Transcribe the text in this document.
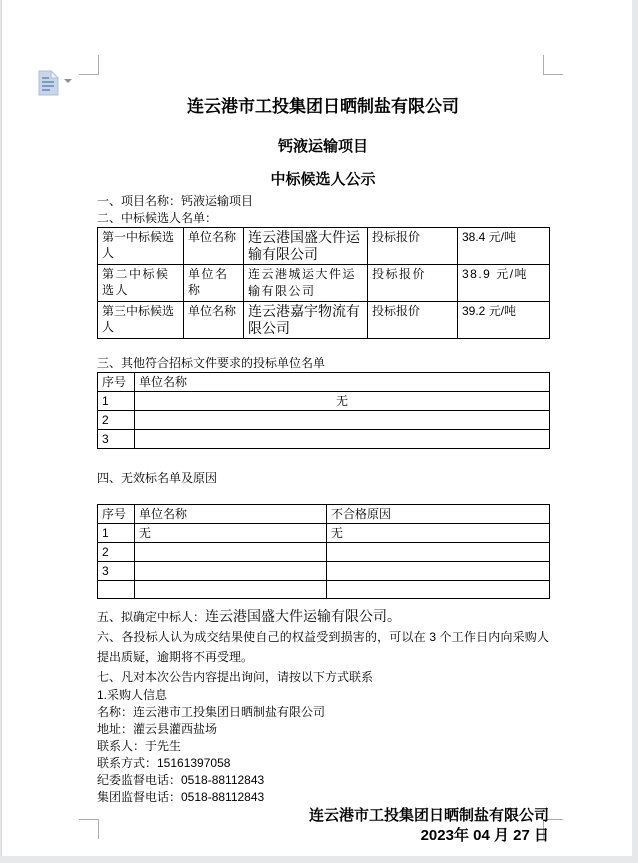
连云港市工投集团日晒制盐有限公司
钙液运输项目
中标候选人公示
一、项目名称：钙液运输项目
二、中标候选人名单：
第一中标候选人	单位名称	连云港国盛大件运输有限公司	投标报价	38.4 元/吨
第二中标候选人	单位名称	连云港城运大件运输有限公司	投标报价	38.9 元/吨
第三中标候选人	单位名称	连云港嘉宇物流有限公司	投标报价	39.2 元/吨
三、其他符合招标文件要求的投标单位名单
序号	单位名称
1	无
2	
3	
四、无效标名单及原因
序号	单位名称	不合格原因
1	无	无
2		
3		

五、拟确定中标人：连云港国盛大件运输有限公司。
六、各投标人认为成交结果使自己的权益受到损害的，可以在 3 个工作日内向采购人提出质疑，逾期将不再受理。
七、凡对本次公告内容提出询问，请按以下方式联系
1.采购人信息
名称：连云港市工投集团日晒制盐有限公司
地址：灌云县灌西盐场
联系人：于先生
联系方式：15161397058
纪委监督电话：0518-88112843
集团监督电话：0518-88112843
连云港市工投集团日晒制盐有限公司
2023年 04 月 27 日
